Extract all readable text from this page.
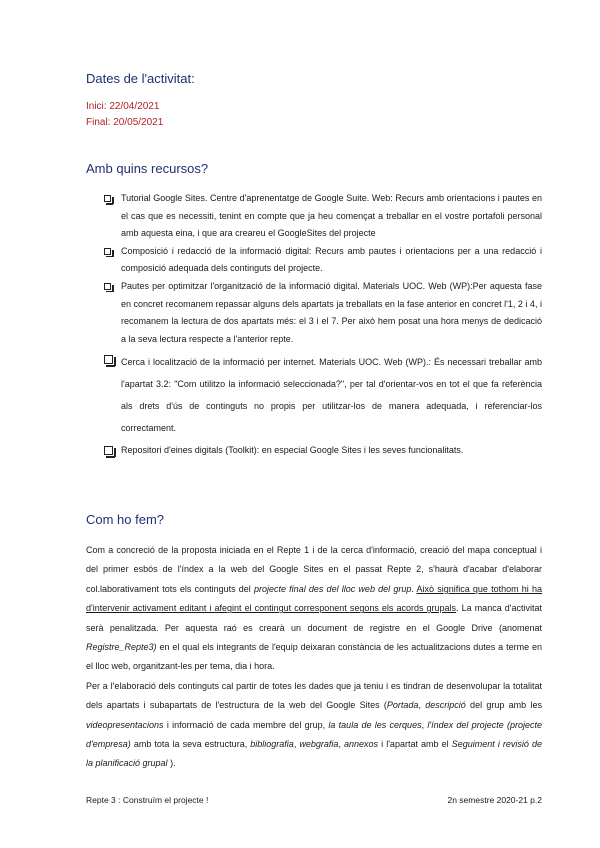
Dates de l'activitat:

Inici: 22/04/2021

Final: 20/05/2021

Amb quins recursos?
Tutorial Google Sites. Centre d'aprenentatge de Google Suite. Web: Recurs amb orientacions i pautes en el cas que es necessiti, tenint en compte que ja heu començat a treballar en el vostre portafoli personal amb aquesta eina, i que ara creareu el GoogleSites del projecte
Composició i redacció de la informació digital: Recurs amb pautes i orientacions per a una redacció i composició adequada dels continguts del projecte.
Pautes per optimitzar l'organització de la informació digital. Materials UOC. Web (WP):Per aquesta fase en concret recomanem repassar alguns dels apartats ja treballats en la fase anterior en concret l'1, 2 i 4, i recomanem la lectura de dos apartats més: el 3 i el 7. Per això hem posat una hora menys de dedicació a la seva lectura respecte a l'anterior repte.
Cerca i localització de la informació per internet. Materials UOC. Web (WP).: És necessari treballar amb l'apartat 3.2: "Com utilitzo la informació seleccionada?", per tal d'orientar-vos en tot el que fa referència als drets d'ús de continguts no propis per utilitzar-los de manera adequada, i referenciar-los correctament.
Repositori d'eines digitals (Toolkit): en especial Google Sites i les seves funcionalitats.
Com ho fem?

Com a concreció de la proposta iniciada en el Repte 1 i de la cerca d'informació, creació del mapa conceptual i del primer esbós de l'índex a la web del Google Sites en el passat Repte 2, s'haurà d'acabar d'elaborar col.laborativament tots els continguts del projecte final des del lloc web del grup. Això significa que tothom hi ha d'intervenir activament editant i afegint el contingut corresponent segons els acords grupals. La manca d'activitat serà penalitzada. Per aquesta raó es crearà un document de registre en el Google Drive (anomenat Registre_Repte3) en el qual els integrants de l'equip deixaran constància de les actualitzacions dutes a terme en el lloc web, organitzant-les per tema, dia i hora.

Per a l'elaboració dels continguts cal partir de totes les dades que ja teniu i es tindran de desenvolupar la totalitat dels apartats i subapartats de l'estructura de la web del Google Sites (Portada, descripció del grup amb les videopresentacions i informació de cada membre del grup, la taula de les cerques, l'índex del projecte (projecte d'empresa) amb tota la seva estructura, bibliografia, webgrafia, annexos i l'apartat amb el Seguiment i revisió de la planificació grupal ).

Repte 3 : Construïm el projecte !	2n semestre 2020-21 p.2
